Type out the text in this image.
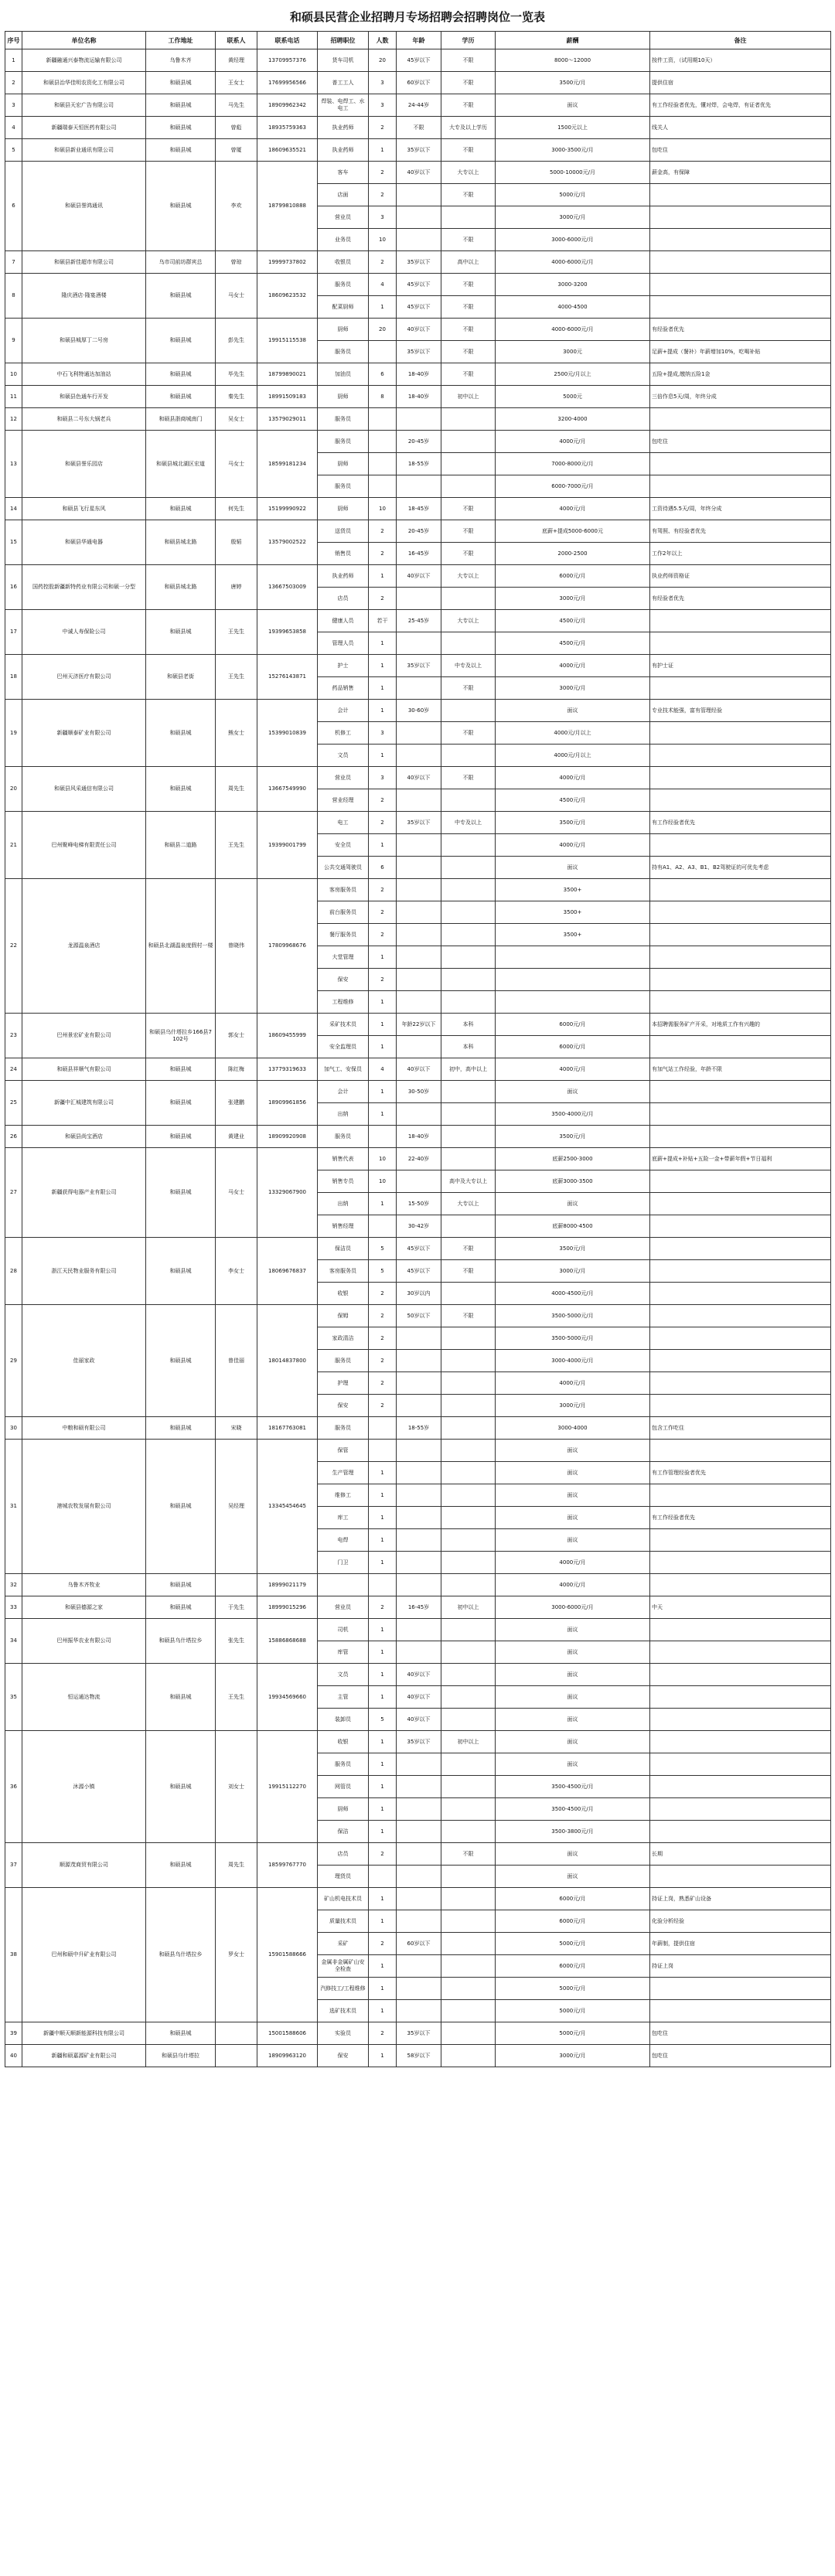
和硕县民营企业招聘月专场招聘会招聘岗位一览表
序号	单位名称	工作地址	联系人	联系电话	招聘职位	人数	年龄	学历	薪酬	备注
1	新疆融通兴泰物流运输有限公司	乌鲁木齐	黄经理	13709957376	货车司机	20	45岁以下	不限	8000～12000	按件工资，（试用期10天）
2	和硕县治华佳明农资化工有限公司	和硕县城	王女士	17699956566	普工工人	3	60岁以下	不限	3500元/月	提供住宿
3	和硕县天宏广告有限公司	和硕县城	马先生	18909962342	焊装、电焊工、水电工	3	24-44岁	不限	面议	有工作经验者优先，懂对焊，会电焊，有证者优先
4	新疆瑞泰天恒医药有限公司	和硕县城	曾彪	18935759363	执业药师	2	不限	大专及以上学历	1500元以上	线关人
5	和硕县新业通讯有限公司	和硕县城	曾厦	18609635521	执业药师	1	35岁以下	不限	3000-3500元/月	包吃住
6	和硕县誉鸿通讯	和硕县城	李欢	18799810888	客车	2	40岁以下	大专以上	5000-10000元/月	薪金高，有保障
					店面	2		不限	5000元/月	
					营业员	3			3000元/月	
					业务员	10		不限	3000-6000元/月	
7	和硕县新佳超市有限公司	乌市司前坊群宾总	曾琼	19999737802	收银员	2	35岁以下	高中以上	4000-6000元/月	
8	隆庆酒店·隆宴酒楼	和硕县城	马女士	18609623532	服务员	4	45岁以下	不限	3000-3200	
					配菜厨师	1	45岁以下	不限	4000-4500	
9	和硕县城厚丁二号房	和硕县城	彭先生	19915115538	厨师	20	40岁以下	不限	4000-6000元/月	有经验者优先
					服务员		35岁以下	不限	3000元	足薪+提成（餐补）年薪增加10%，吃喝补贴
10	中石飞利特通达加油站	和硕县城	毕先生	18799890021	加油员	6	18-40岁	不限	2500元/月以上	五险+提成,缴纳五险1金
11	和硕县色通车行开发	和硕县城	秦先生	18991509183	厨师	8	18-40岁	初中以上	5000元	三倍作息5天/周，年终分成
12	和硕县二号东大锅老兵	和硕县浙商城南门	吴女士	13579029011	服务员				3200-4000	
13	和硕县誉乐园店	和硕县城北湖区宏道	马女士	18599181234	服务员		20-45岁		4000元/月	包吃住
					厨师		18-55岁		7000-8000元/月	
					服务员				6000-7000元/月	
14	和硕县飞行星东风	和硕县城	何先生	15199990922	厨师	10	18-45岁	不限	4000元/月	工资待遇5.5天/周，年终分成
15	和硕县华通电器	和硕县城北路	殷韬	13579002522	送货员	2	20-45岁	不限	底薪+提成5000-6000元	有驾照、有经验者优先
					销售员	2	16-45岁	不限	2000-2500	工作2年以上
16	国药控股新疆新特药业有限公司和硕一分型	和硕县城北路	唐婷	13667503009	执业药师	1	40岁以下	大专以上	6000元/月	执业药师资格证
					店员	2			3000元/月	有经验者优先
17	中诚人寿保险公司	和硕县城	王先生	19399653858	健康人员	若干	25-45岁	大专以上	4500元/月	
					管理人员	1			4500元/月	
18	巴州天济医疗有限公司	和硕县老街	王先生	15276143871	护士	1	35岁以下	中专及以上	4000元/月	有护士证
					药品销售	1		不限	3000元/月	
19	新疆顺泰矿业有限公司	和硕县城	熊女士	15399010839	会计	1	30-60岁		面议	专业技术能强，富有管理经验
					机修工	3		不限	4000元/月以上	
					文员	1			4000元/月以上	
20	和硕县风采通信有限公司	和硕县城	周先生	13667549990	营业员	3	40岁以下	不限	4000元/月	
					营业经理	2			4500元/月	
21	巴州聚峰电梯有限责任公司	和硕县二道路	王先生	19399001799	电工	2	35岁以下	中专及以上	3500元/月	有工作经验者优先
					安全员	1			4000元/月	
					公共交通驾驶员	6			面议	持有A1、A2、A3、B1、B2驾驶证的可优先考虑
22	龙源温泉酒店	和硕县北湖温泉度假村一楼	曾晓伟	17809968676	客房服务员	2			3500+	
					前台服务员	2			3500+	
					餐厅服务员	2			3500+	
					大堂管理	1				
					保安	2				
					工程维修	1				
23	巴州景宏矿业有限公司	和硕县乌什塔拉乡166县7102号	郭女士	18609455999	采矿技术员	1	年龄22岁以下	本科	6000元/月	本招聘需服务矿产开采，对地质工作有兴趣的
					安全监理员	1		本科	6000元/月	
24	和硕县祥顺气有限公司	和硕县城	陈红梅	13779319633	加气工、安保员	4	40岁以下	初中，高中以上	4000元/月	有加气站工作经验，年龄不限
25	新疆中汇城建筑有限公司	和硕县城	张建鹏	18909961856	会计	1	30-50岁		面议	
					出纳	1			3500-4000元/月	
26	和硕县尚宝酒店	和硕县城	黄建业	18909920908	服务员		18-40岁		3500元/月	
27	新疆获得电器产业有限公司	和硕县城	马女士	13329067900	销售代表	10	22-40岁		底薪2500-3000	底薪+提成+补贴+五险一金+带薪年假+节日福利
					销售专员	10		高中及大专以上	底薪3000-3500	
					出纳	1	15-50岁	大专以上	面议	
					销售经理		30-42岁		底薪8000-4500	
28	浙江天民物业服务有限公司	和硕县城	李女士	18069676837	保洁员	5	45岁以下	不限	3500元/月	
					客房服务员	5	45岁以下	不限	3000元/月	
					收银	2	30岁以内		4000-4500元/月	
29	佳丽家政	和硕县城	曾佳丽	18014837800	保姆	2	50岁以下	不限	3500-5000元/月	
					家政清洁	2			3500-5000元/月	
					服务员	2			3000-4000元/月	
					护理	2			4000元/月	
					保安	2			3000元/月	
30	中粮和硕有限公司	和硕县城	宋晓	18167763081	服务员		18-55岁		3000-4000	包含工作吃住
31	港城农牧发展有限公司	和硕县城	吴经理	13345454645	保管				面议	
					生产管理	1			面议	有工作管理经验者优先
					维修工	1			面议	
					库工	1			面议	有工作经验者优先
					电焊	1			面议	
					门卫	1			4000元/月	
32	乌鲁木齐牧业	和硕县城		18999021179					4000元/月	
33	和硕县德源之家	和硕县城	于先生	18999015296	营业员	2	16-45岁	初中以上	3000-6000元/月	中天
34	巴州振华农业有限公司	和硕县乌什塔拉乡	张先生	15886868688	司机	1			面议	
					库管	1			面议	
35	恒运通达物流	和硕县城	王先生	19934569660	文员	1	40岁以下		面议	
					主管	1	40岁以下		面议	
					装卸员	5	40岁以下		面议	
36	沐源小镇	和硕县城	刘女士	19915112270	收银	1	35岁以下	初中以上	面议	
					服务员	1			面议	
					网管员	1			3500-4500元/月	
					厨师	1			3500-4500元/月	
					保洁	1			3500-3800元/月	
37	顺源茂商贸有限公司	和硕县城	周先生	18599767770	店员	2		不限	面议	长期
					理货员				面议	
38	巴州和硕中升矿业有限公司	和硕县乌什塔拉乡	罗女士	15901588666	矿山机电技术员	1			6000元/月	持证上岗，熟悉矿山设备
					质量技术员	1			6000元/月	化验分析经验
					采矿	2	60岁以下		5000元/月	年薪制，提供住宿
					金属非金属矿山安全检查	1			6000元/月	持证上岗
					汽修技工/工程维修	1			5000元/月	
					选矿技术员	1			5000元/月	
39	新疆中顺天顺新能源科技有限公司	和硕县城		15001588606	实验员	2	35岁以下		5000元/月	包吃住
40	新疆和硕嘉源矿业有限公司	和硕县乌什塔拉		18909963120	保安	1	58岁以下		3000元/月	包吃住
